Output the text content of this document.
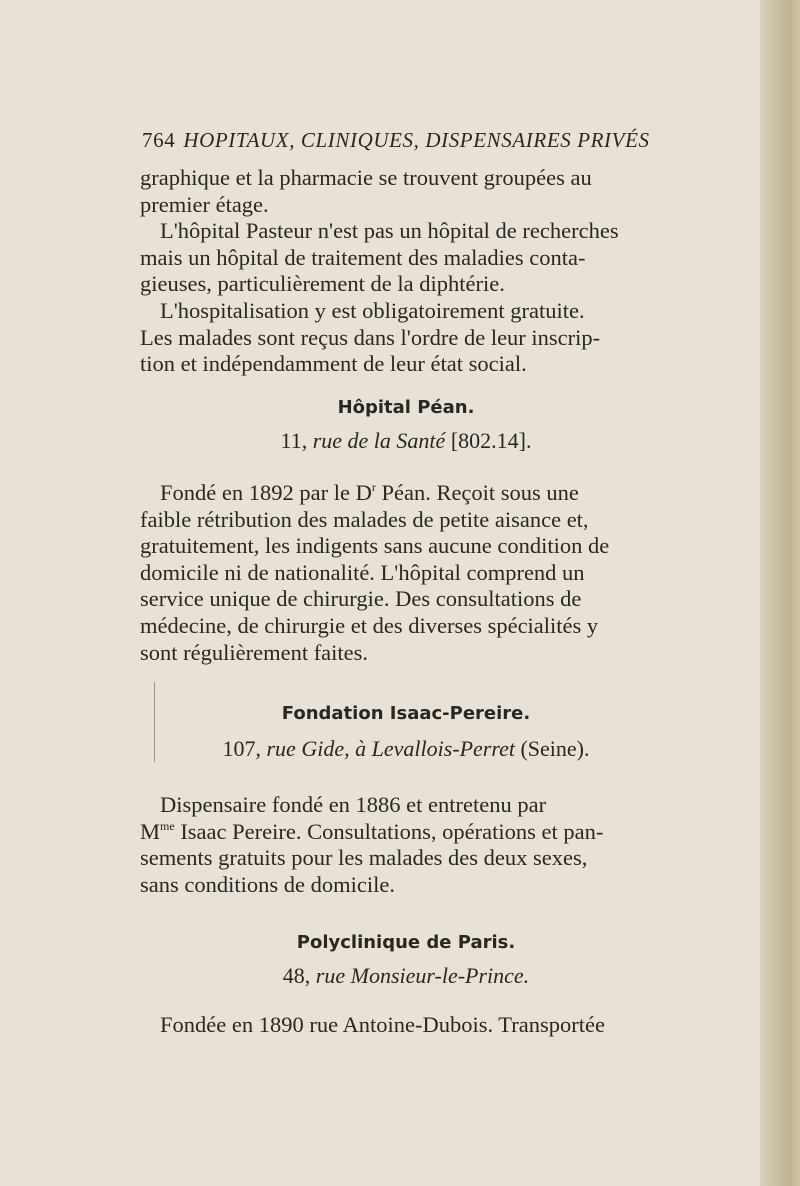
764 HOPITAUX, CLINIQUES, DISPENSAIRES PRIVÉS

graphique et la pharmacie se trouvent groupées au

premier étage.

L'hôpital Pasteur n'est pas un hôpital de recherches

mais un hôpital de traitement des maladies conta-

gieuses, particulièrement de la diphtérie.

L'hospitalisation y est obligatoirement gratuite.

Les malades sont reçus dans l'ordre de leur inscrip-

tion et indépendamment de leur état social.

Hôpital Péan.
11, rue de la Santé [802.14].

Fondé en 1892 par le $D^r$ Péan. Reçoit sous une

faible rétribution des malades de petite aisance et,

gratuitement, les indigents sans aucune condition de

domicile ni de nationalité. L'hôpital comprend un

service unique de chirurgie. Des consultations de

médecine, de chirurgie et des diverses spécialités y

sont régulièrement faites.

Fondation Isaac-Pereire.
107, rue Gide, à Levallois-Perret (Seine).

Dispensaire fondé en 1886 et entretenu par

$M^{me}$ Isaac Pereire. Consultations, opérations et pan-

sements gratuits pour les malades des deux sexes,

sans conditions de domicile.

Polyclinique de Paris.
48, rue Monsieur-le-Prince.

Fondée en 1890 rue Antoine-Dubois. Transportée
